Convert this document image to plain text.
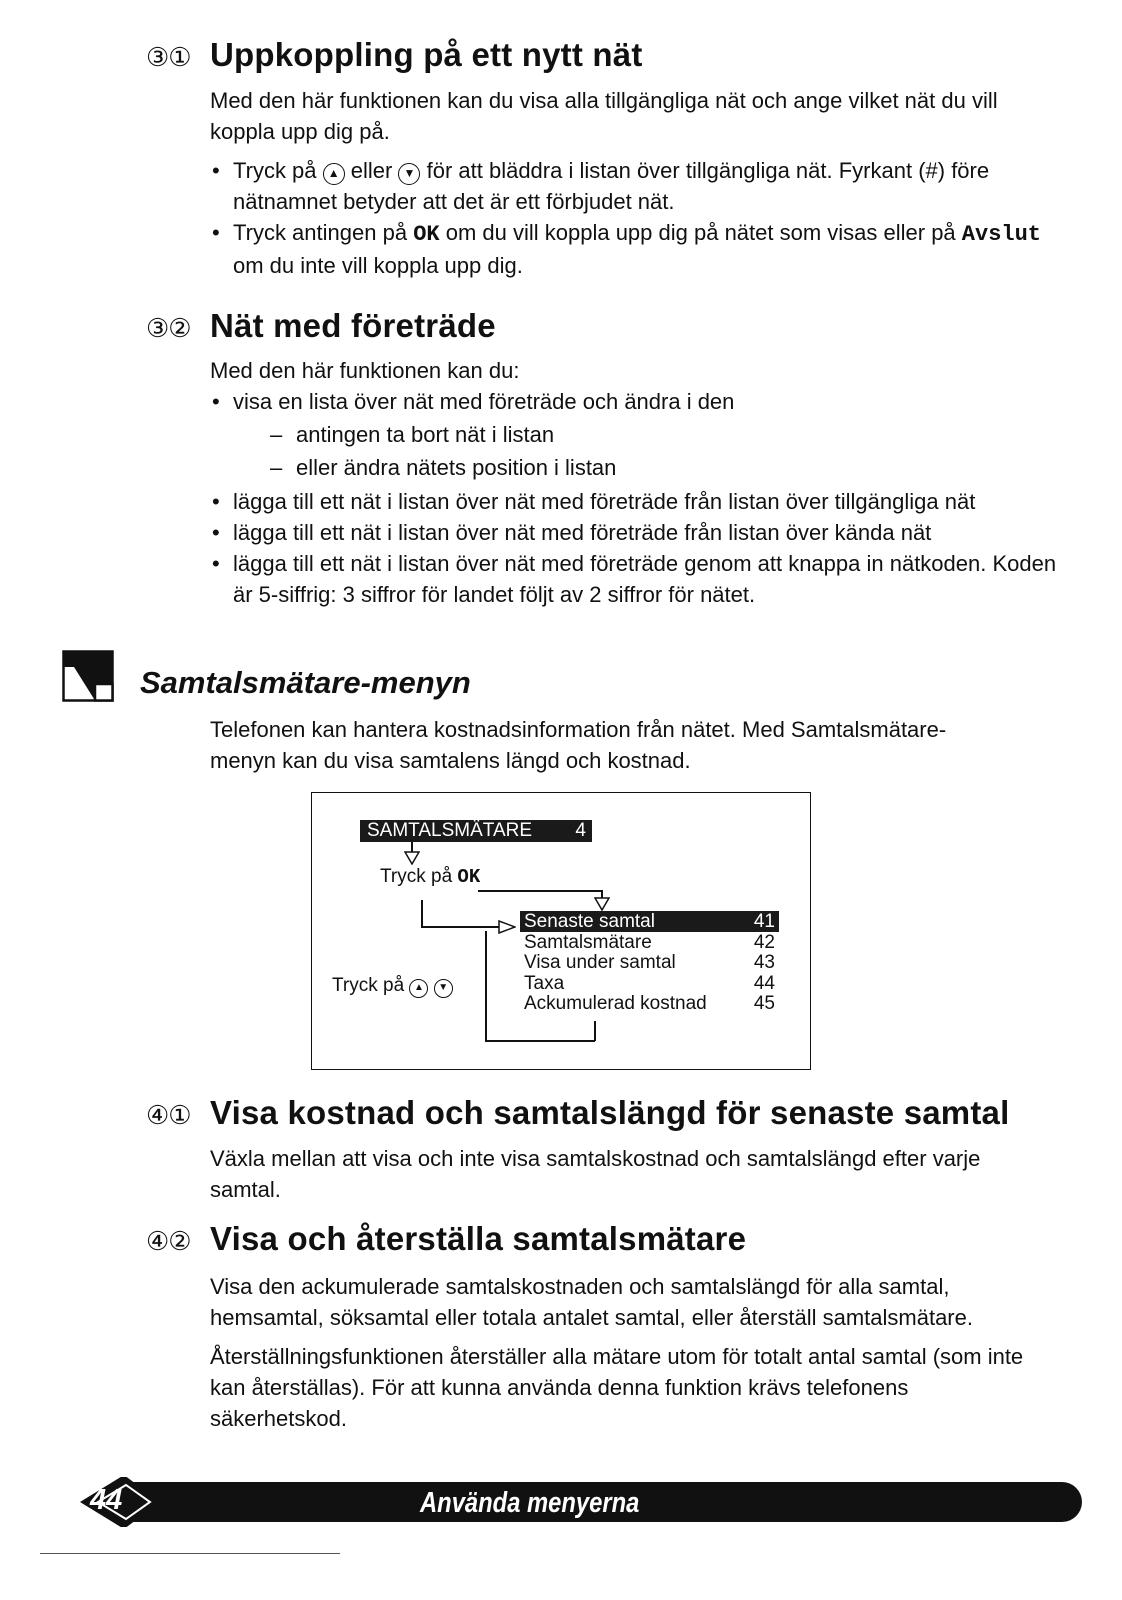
③① Uppkoppling på ett nytt nät
Med den här funktionen kan du visa alla tillgängliga nät och ange vilket nät du vill koppla upp dig på.
• Tryck på ▲ eller ▼ för att bläddra i listan över tillgängliga nät. Fyrkant (#) före nätnamnet betyder att det är ett förbjudet nät.
• Tryck antingen på OK om du vill koppla upp dig på nätet som visas eller på Avslut om du inte vill koppla upp dig.
③② Nät med företräde
Med den här funktionen kan du:
• visa en lista över nät med företräde och ändra i den
– antingen ta bort nät i listan
– eller ändra nätets position i listan
• lägga till ett nät i listan över nät med företräde från listan över tillgängliga nät
• lägga till ett nät i listan över nät med företräde från listan över kända nät
• lägga till ett nät i listan över nät med företräde genom att knappa in nätkoden. Koden är 5-siffrig: 3 siffror för landet följt av 2 siffror för nätet.
Samtalsmätare-menyn
Telefonen kan hantera kostnadsinformation från nätet. Med Samtalsmätare-menyn kan du visa samtalens längd och kostnad.
SAMTALSMÄTARE 4
Tryck på OK
Tryck på ▲ ▼
Senaste samtal	41
Samtalsmätare	42
Visa under samtal	43
Taxa	44
Ackumulerad kostnad 45
④① Visa kostnad och samtalslängd för senaste samtal
Växla mellan att visa och inte visa samtalskostnad och samtalslängd efter varje samtal.
④② Visa och återställa samtalsmätare
Visa den ackumulerade samtalskostnaden och samtalslängd för alla samtal, hemsamtal, söksamtal eller totala antalet samtal, eller återställ samtalsmätare.
Återställningsfunktionen återställer alla mätare utom för totalt antal samtal (som inte kan återställas). För att kunna använda denna funktion krävs telefonens säkerhetskod.
44	Använda menyerna
